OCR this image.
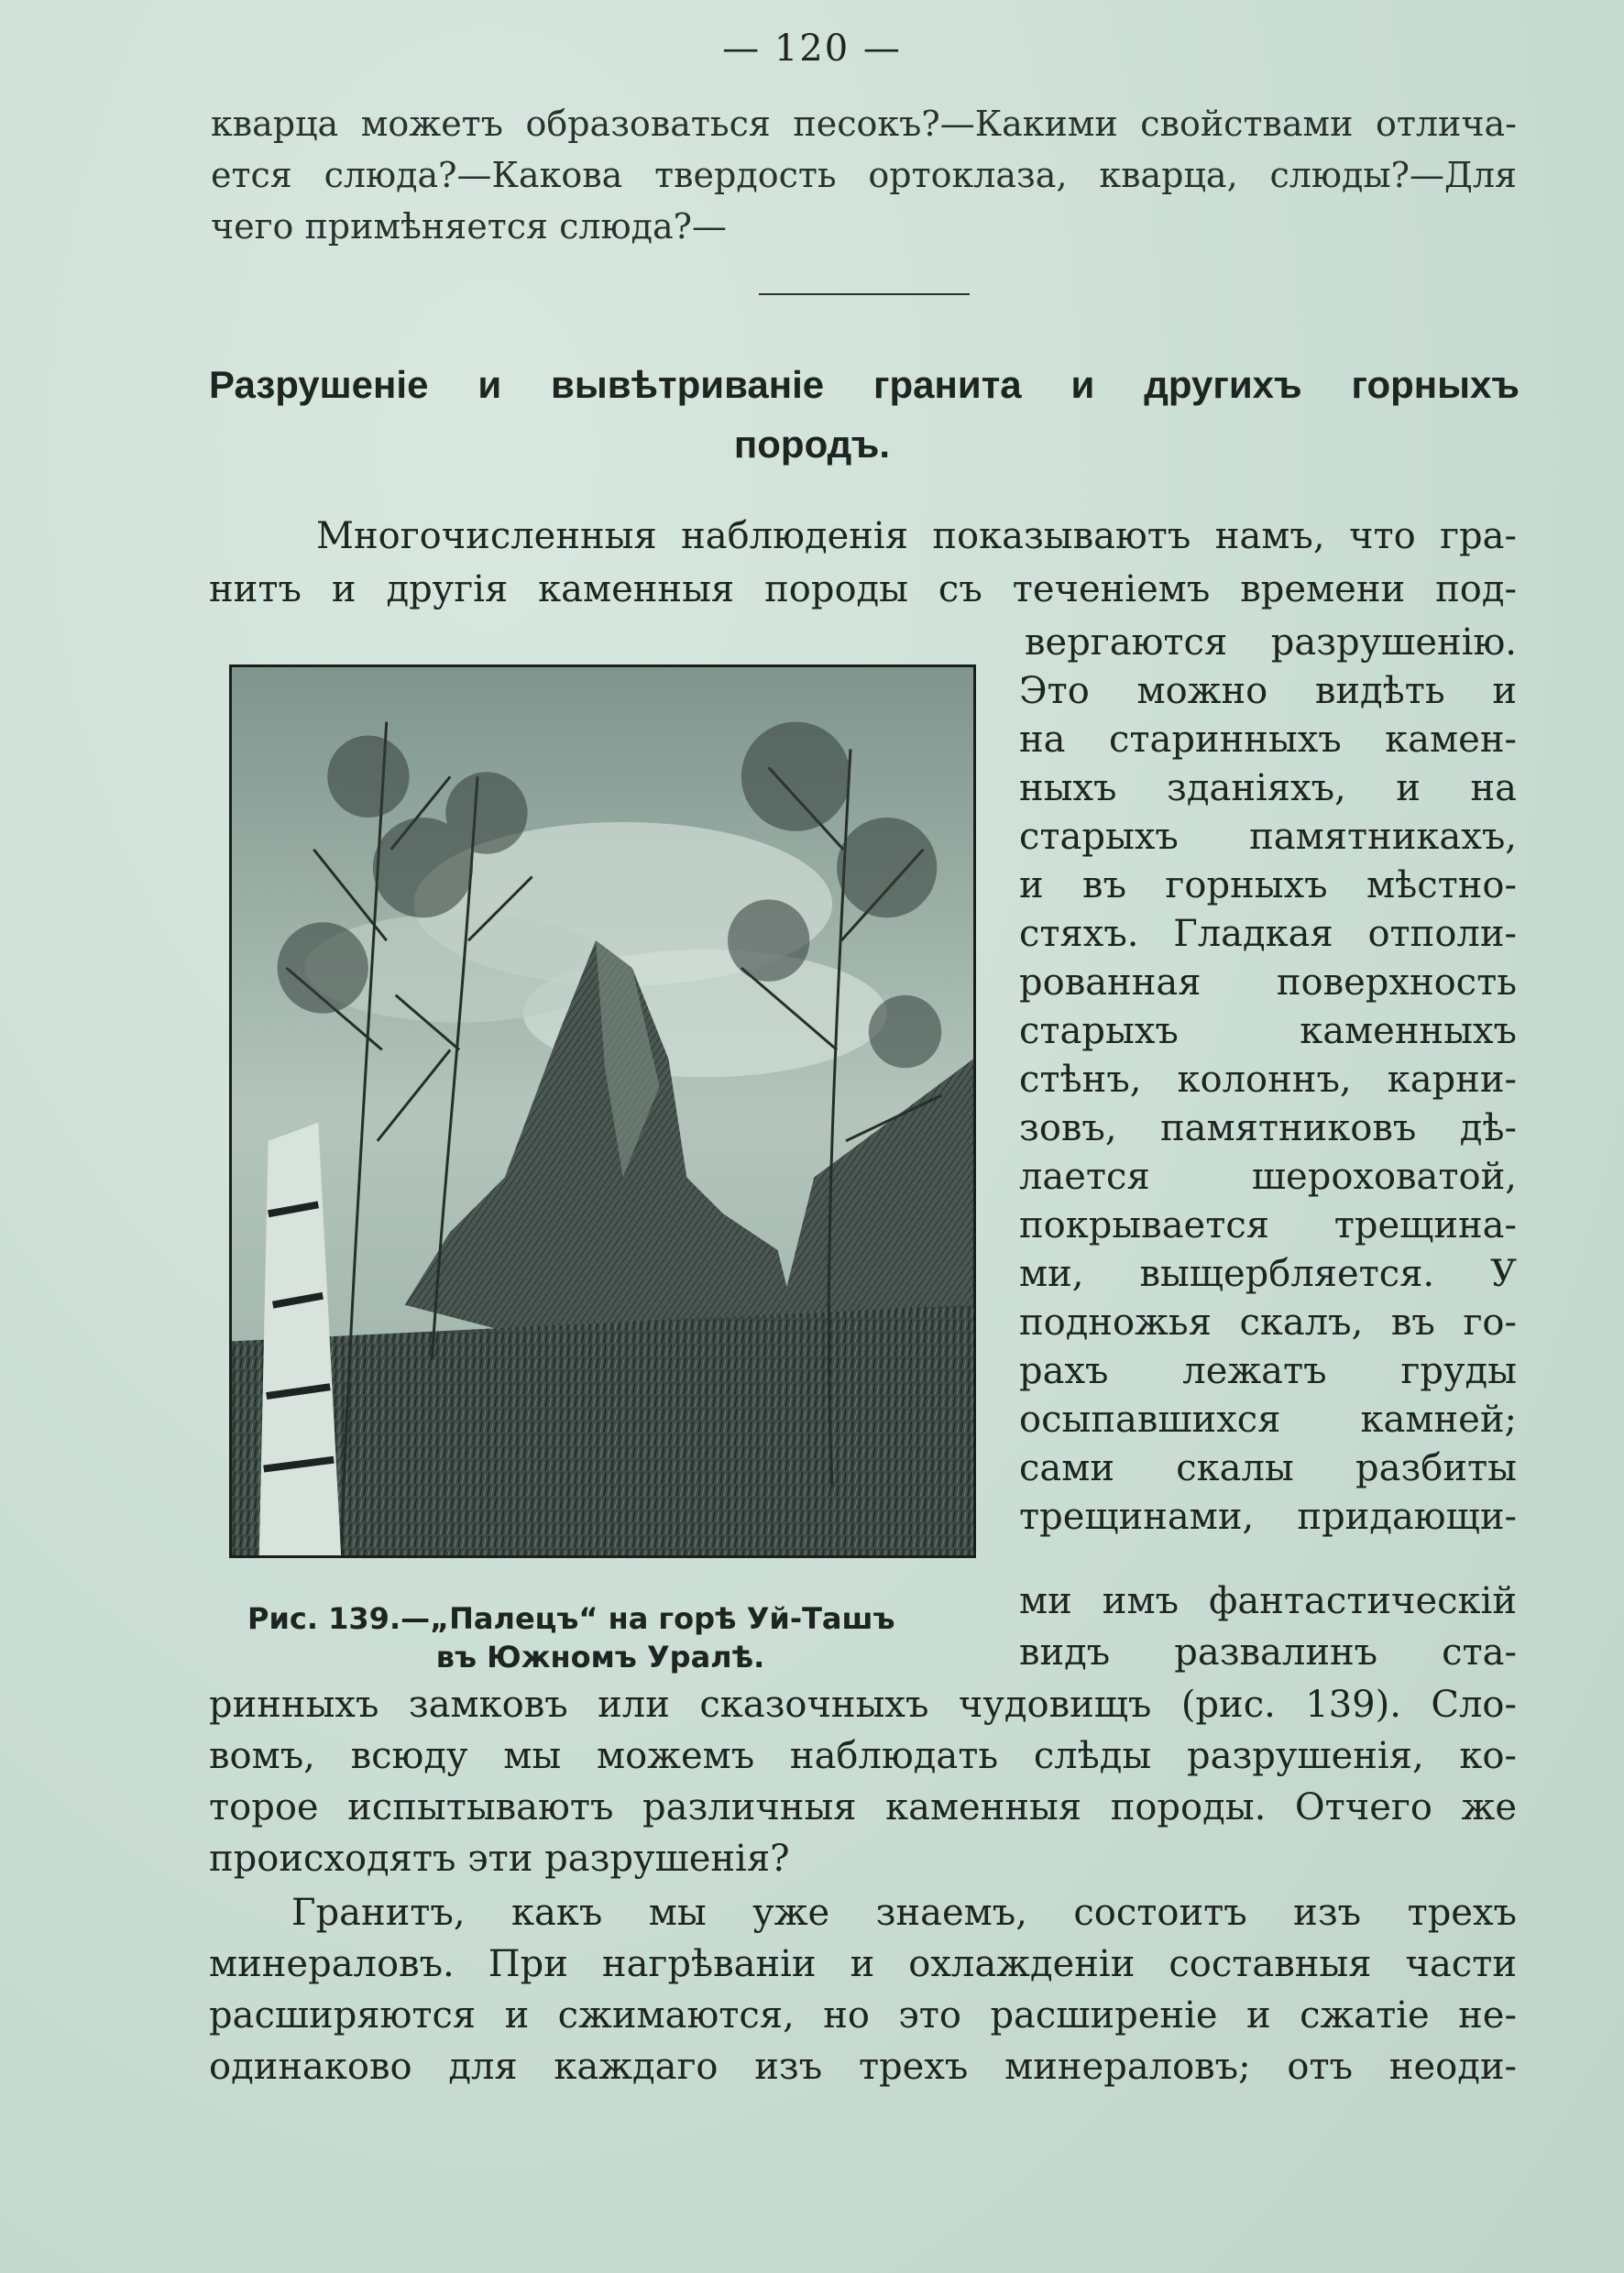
— 120 —
кварца можетъ образоваться песокъ?—Какими свойствами отлича-
ется слюда?—Какова твердость ортоклаза, кварца, слюды?—Для
чего примѣняется слюда?—
Разрушеніе и вывѣтриваніе гранита и другихъ горныхъ
породъ.
Многочисленныя наблюденія показываютъ намъ, что гра-
нитъ и другія каменныя породы съ теченіемъ времени под-
вергаются разрушенію.
Это можно видѣть и
на старинныхъ камен-
ныхъ зданіяхъ, и на
старыхъ памятникахъ,
и въ горныхъ мѣстно-
стяхъ. Гладкая отполи-
рованная поверхность
старыхъ каменныхъ
стѣнъ, колоннъ, карни-
зовъ, памятниковъ дѣ-
лается шероховатой,
покрывается трещина-
ми, выщербляется. У
подножья скалъ, въ го-
рахъ лежатъ груды
осыпавшихся камней;
сами скалы разбиты
трещинами, придающи-
ми имъ фантастическій
видъ развалинъ ста-
Рис. 139.—„Палецъ“ на горѣ Уй-Ташъ
въ Южномъ Уралѣ.
ринныхъ замковъ или сказочныхъ чудовищъ (рис. 139). Сло-
вомъ, всюду мы можемъ наблюдать слѣды разрушенія, ко-
торое испытываютъ различныя каменныя породы. Отчего же
происходятъ эти разрушенія?
Гранитъ, какъ мы уже знаемъ, состоитъ изъ трехъ
минераловъ. При нагрѣваніи и охлажденіи составныя части
расширяются и сжимаются, но это расширеніе и сжатіе не-
одинаково для каждаго изъ трехъ минераловъ; отъ неоди-
